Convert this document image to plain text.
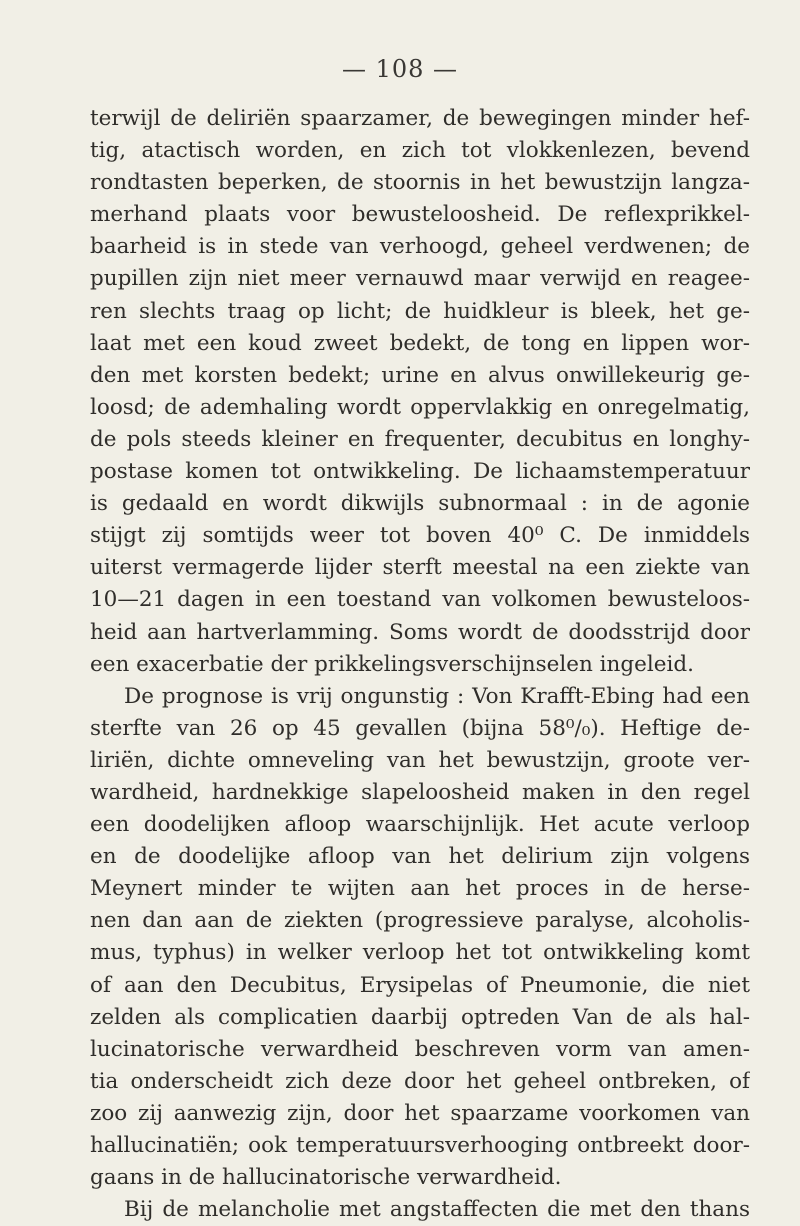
— 108 —
terwijl de deliriën spaarzamer, de bewegingen minder hef-
tig, atactisch worden, en zich tot vlokkenlezen, bevend
rondtasten beperken, de stoornis in het bewustzijn langza-
merhand plaats voor bewusteloosheid. De reflexprikkel-
baarheid is in stede van verhoogd, geheel verdwenen; de
pupillen zijn niet meer vernauwd maar verwijd en reagee-
ren slechts traag op licht; de huidkleur is bleek, het ge-
laat met een koud zweet bedekt, de tong en lippen wor-
den met korsten bedekt; urine en alvus onwillekeurig ge-
loosd; de ademhaling wordt oppervlakkig en onregelmatig,
de pols steeds kleiner en frequenter, decubitus en longhy-
postase komen tot ontwikkeling. De lichaamstemperatuur
is gedaald en wordt dikwijls subnormaal : in de agonie
stijgt zij somtijds weer tot boven 40⁰ C. De inmiddels
uiterst vermagerde lijder sterft meestal na een ziekte van
10—21 dagen in een toestand van volkomen bewusteloos-
heid aan hartverlamming. Soms wordt de doodsstrijd door
een exacerbatie der prikkelingsverschijnselen ingeleid.
De prognose is vrij ongunstig : Von Krafft-Ebing had een
sterfte van 26 op 45 gevallen (bijna 58⁰/₀). Heftige de-
liriën, dichte omneveling van het bewustzijn, groote ver-
wardheid, hardnekkige slapeloosheid maken in den regel
een doodelijken afloop waarschijnlijk. Het acute verloop
en de doodelijke afloop van het delirium zijn volgens
Meynert minder te wijten aan het proces in de herse-
nen dan aan de ziekten (progressieve paralyse, alcoholis-
mus, typhus) in welker verloop het tot ontwikkeling komt
of aan den Decubitus, Erysipelas of Pneumonie, die niet
zelden als complicatien daarbij optreden Van de als hal-
lucinatorische verwardheid beschreven vorm van amen-
tia onderscheidt zich deze door het geheel ontbreken, of
zoo zij aanwezig zijn, door het spaarzame voorkomen van
hallucinatiën; ook temperatuursverhooging ontbreekt door-
gaans in de hallucinatorische verwardheid.
Bij de melancholie met angstaffecten die met den thans
